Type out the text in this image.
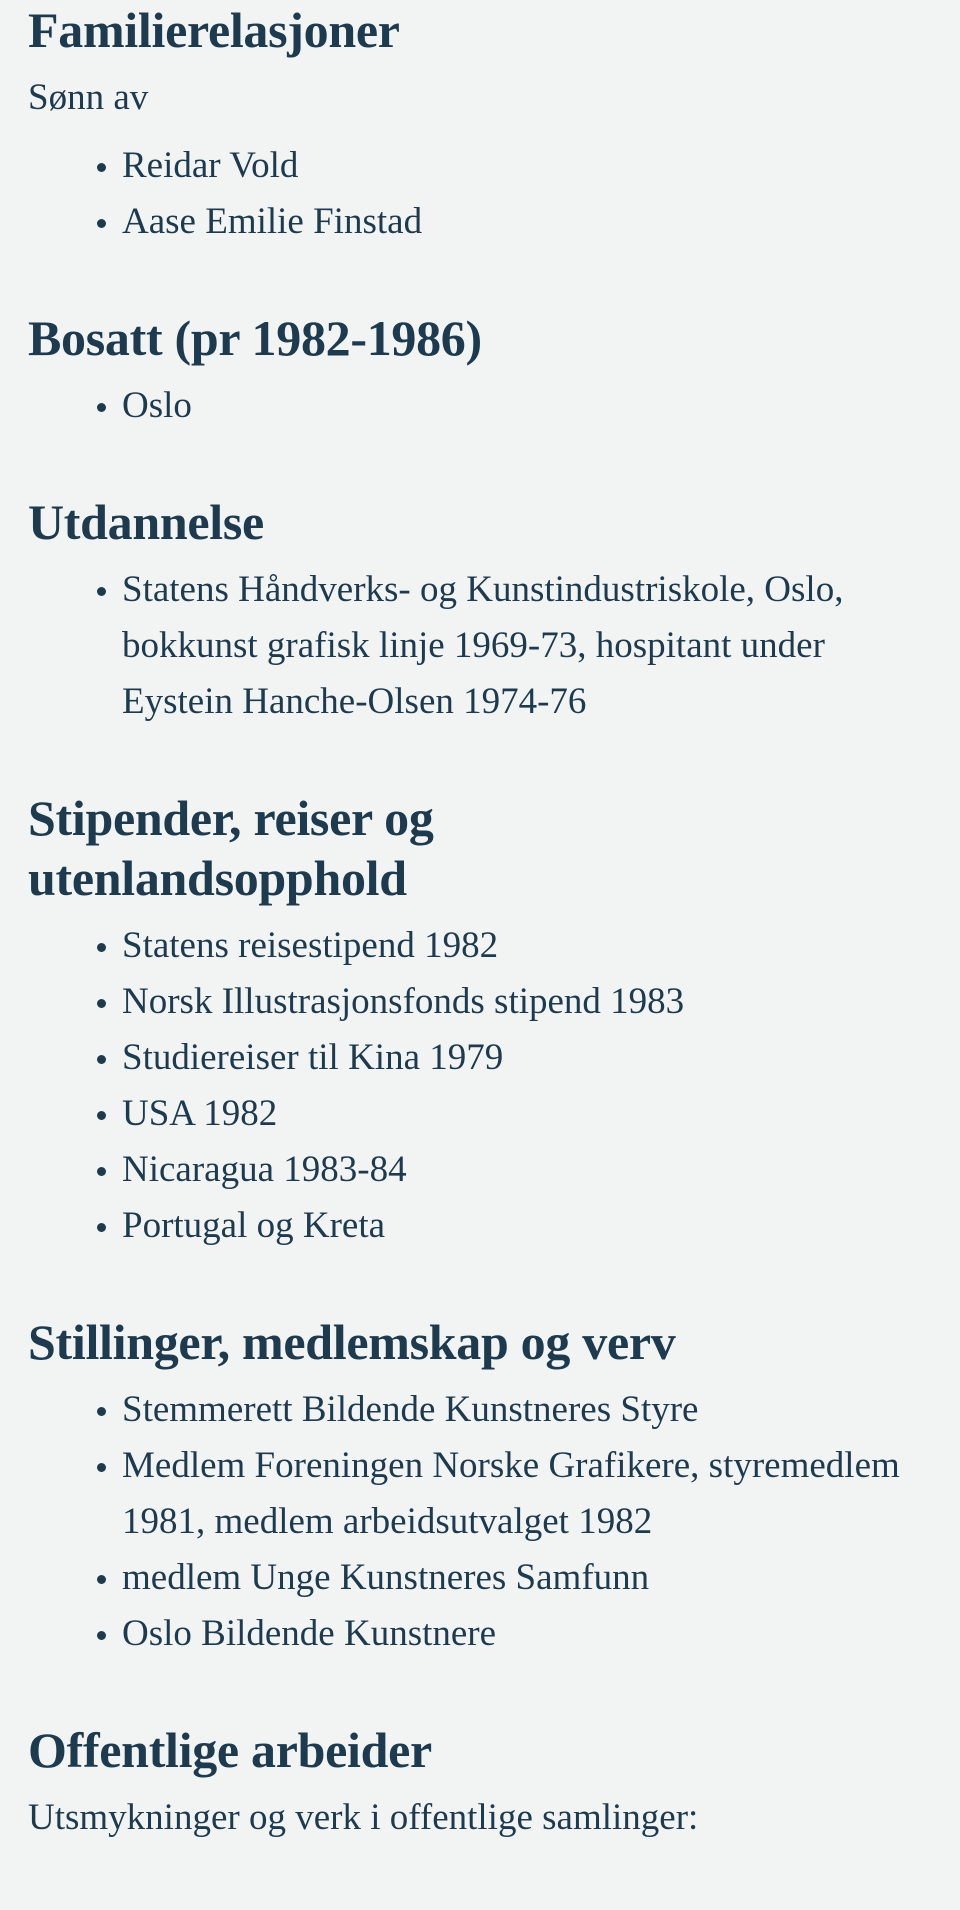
Familierelasjoner

Sønn av

Reidar Vold
Aase Emilie Finstad
Bosatt (pr 1982-1986)
Oslo
Utdannelse
Statens Håndverks- og Kunstindustriskole, Oslo, bokkunst grafisk linje 1969-73, hospitant under Eystein Hanche-Olsen 1974-76
Stipender, reiser og utenlandsopphold
Statens reisestipend 1982
Norsk Illustrasjonsfonds stipend 1983
Studiereiser til Kina 1979
USA 1982
Nicaragua 1983-84
Portugal og Kreta
Stillinger, medlemskap og verv
Stemmerett Bildende Kunstneres Styre
Medlem Foreningen Norske Grafikere, styremedlem 1981, medlem arbeidsutvalget 1982
medlem Unge Kunstneres Samfunn
Oslo Bildende Kunstnere
Offentlige arbeider

Utsmykninger og verk i offentlige samlinger:
